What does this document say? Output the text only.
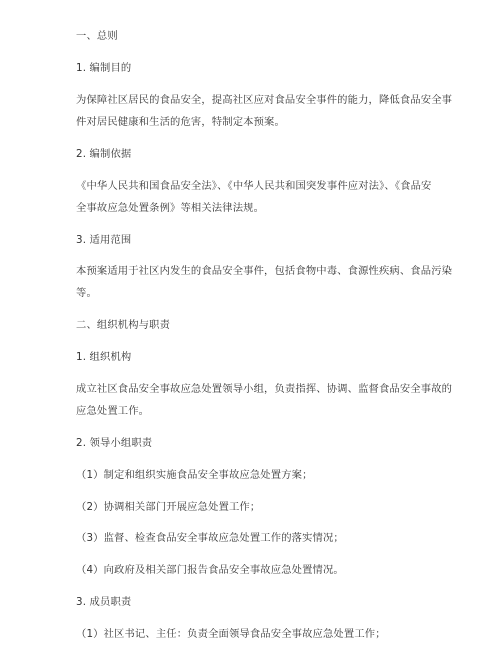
一、总则
1. 编制目的
为保障社区居民的食品安全，提高社区应对食品安全事件的能力，降低食品安全事
件对居民健康和生活的危害，特制定本预案。
2. 编制依据
《中华人民共和国食品安全法》、《中华人民共和国突发事件应对法》、《食品安
全事故应急处置条例》等相关法律法规。
3. 适用范围
本预案适用于社区内发生的食品安全事件，包括食物中毒、食源性疾病、食品污染
等。
二、组织机构与职责
1. 组织机构
成立社区食品安全事故应急处置领导小组，负责指挥、协调、监督食品安全事故的
应急处置工作。
2. 领导小组职责
（1）制定和组织实施食品安全事故应急处置方案；
（2）协调相关部门开展应急处置工作；
（3）监督、检查食品安全事故应急处置工作的落实情况；
（4）向政府及相关部门报告食品安全事故应急处置情况。
3. 成员职责
（1）社区书记、主任：负责全面领导食品安全事故应急处置工作；
